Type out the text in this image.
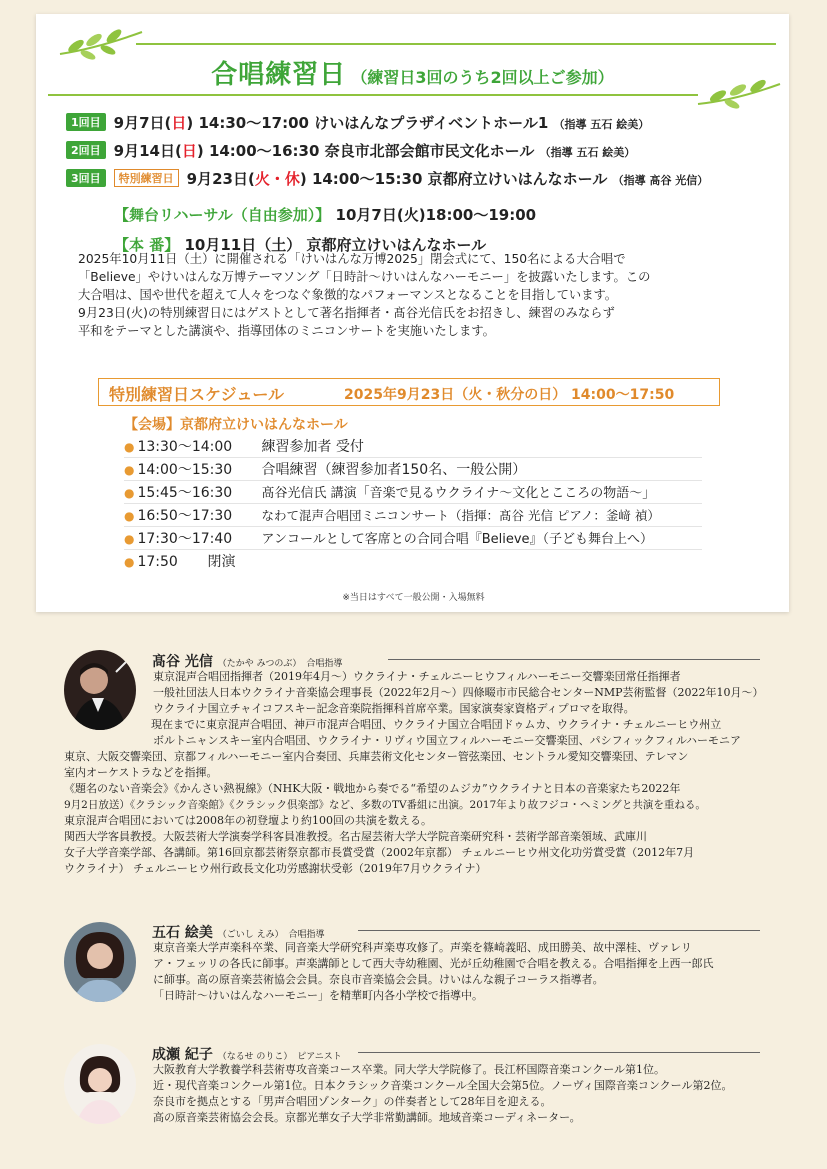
合唱練習日 （練習日3回のうち2回以上ご参加）
1回目 9月7日(日) 14:30〜17:00 けいはんなプラザイベントホール1 （指導 五石 絵美）
2回目 9月14日(日) 14:00〜16:30 奈良市北部会館市民文化ホール （指導 五石 絵美）
3回目 特別練習日 9月23日(火・休) 14:00〜15:30 京都府立けいはんなホール （指導 髙谷 光信）
【舞台リハーサル（自由参加）】 10月7日(火)18:00〜19:00
【本 番】 10月11日（土） 京都府立けいはんなホール
2025年10月11日（土）に開催される「けいはんな万博2025」閉会式にて、150名による大合唱で
「Believe」やけいはんな万博テーマソング「日時計〜けいはんなハーモニー」を披露いたします。この
大合唱は、国や世代を超えて人々をつなぐ象徴的なパフォーマンスとなることを目指しています。
9月23日(火)の特別練習日にはゲストとして著名指揮者・髙谷光信氏をお招きし、練習のみならず
平和をテーマとした講演や、指導団体のミニコンサートを実施いたします。
特別練習日スケジュール	2025年9月23日（火・秋分の日） 14:00〜17:50
【会場】京都府立けいはんなホール
● 13:30〜14:00 練習参加者 受付
● 14:00〜15:30 合唱練習（練習参加者150名、一般公開）
● 15:45〜16:30 髙谷光信氏 講演「音楽で見るウクライナ〜文化とこころの物語〜」
● 16:50〜17:30 なわて混声合唱団ミニコンサート（指揮：髙谷 光信 ピアノ：釜﨑 禎）
● 17:30〜17:40 アンコールとして客席との合同合唱『Believe』（子ども舞台上へ）
● 17:50 閉演
※当日はすべて一般公開・入場無料
髙谷 光信 （たかや みつのぶ） 合唱指導
東京混声合唱団指揮者（2019年4月〜）ウクライナ・チェルニーヒウフィルハーモニー交響楽団常任指揮者
一般社団法人日本ウクライナ音楽協会理事長（2022年2月〜）四條畷市市民総合センターNMP芸術監督（2022年10月〜）
ウクライナ国立チャイコフスキー記念音楽院指揮科首席卒業。国家演奏家資格ディプロマを取得。
現在までに東京混声合唱団、神戸市混声合唱団、ウクライナ国立合唱団ドゥムカ、ウクライナ・チェルニーヒウ州立
ボルトニャンスキー室内合唱団、ウクライナ・リヴィウ国立フィルハーモニー交響楽団、パシフィックフィルハーモニア
東京、大阪交響楽団、京都フィルハーモニー室内合奏団、兵庫芸術文化センター管弦楽団、セントラル愛知交響楽団、テレマン
室内オーケストラなどを指揮。
《題名のない音楽会》《かんさい熱視線》（NHK大阪・戦地から奏でる“希望のムジカ”ウクライナと日本の音楽家たち2022年
9月2日放送）《クラシック音楽館》《クラシック倶楽部》など、多数のTV番組に出演。2017年より故フジコ・ヘミングと共演を重ねる。
東京混声合唱団においては2008年の初登壇より約100回の共演を数える。
関西大学客員教授。大阪芸術大学演奏学科客員准教授。名古屋芸術大学大学院音楽研究科・芸術学部音楽領域、武庫川
女子大学音楽学部、各講師。第16回京都芸術祭京都市長賞受賞（2002年京都） チェルニーヒウ州文化功労賞受賞（2012年7月
ウクライナ） チェルニーヒウ州行政長文化功労感謝状受彰（2019年7月ウクライナ）
五石 絵美 （ごいし えみ） 合唱指導
東京音楽大学声楽科卒業、同音楽大学研究科声楽専攻修了。声楽を篠崎義昭、成田勝美、故中澤桂、ヴァレリ
ア・フェッリの各氏に師事。声楽講師として西大寺幼稚園、光が丘幼稚園で合唱を教える。合唱指揮を上西一郎氏
に師事。高の原音楽芸術協会会員。奈良市音楽協会会員。けいはんな親子コーラス指導者。
「日時計〜けいはんなハーモニー」を精華町内各小学校で指導中。
成瀬 紀子 （なるせ のりこ） ピアニスト
大阪教育大学教養学科芸術専攻音楽コース卒業。同大学大学院修了。長江杯国際音楽コンクール第1位。
近・現代音楽コンクール第1位。日本クラシック音楽コンクール全国大会第5位。ノーヴィ国際音楽コンクール第2位。
奈良市を拠点とする「男声合唱団ゾンターク」の伴奏者として28年目を迎える。
高の原音楽芸術協会会長。京都光華女子大学非常勤講師。地域音楽コーディネーター。
